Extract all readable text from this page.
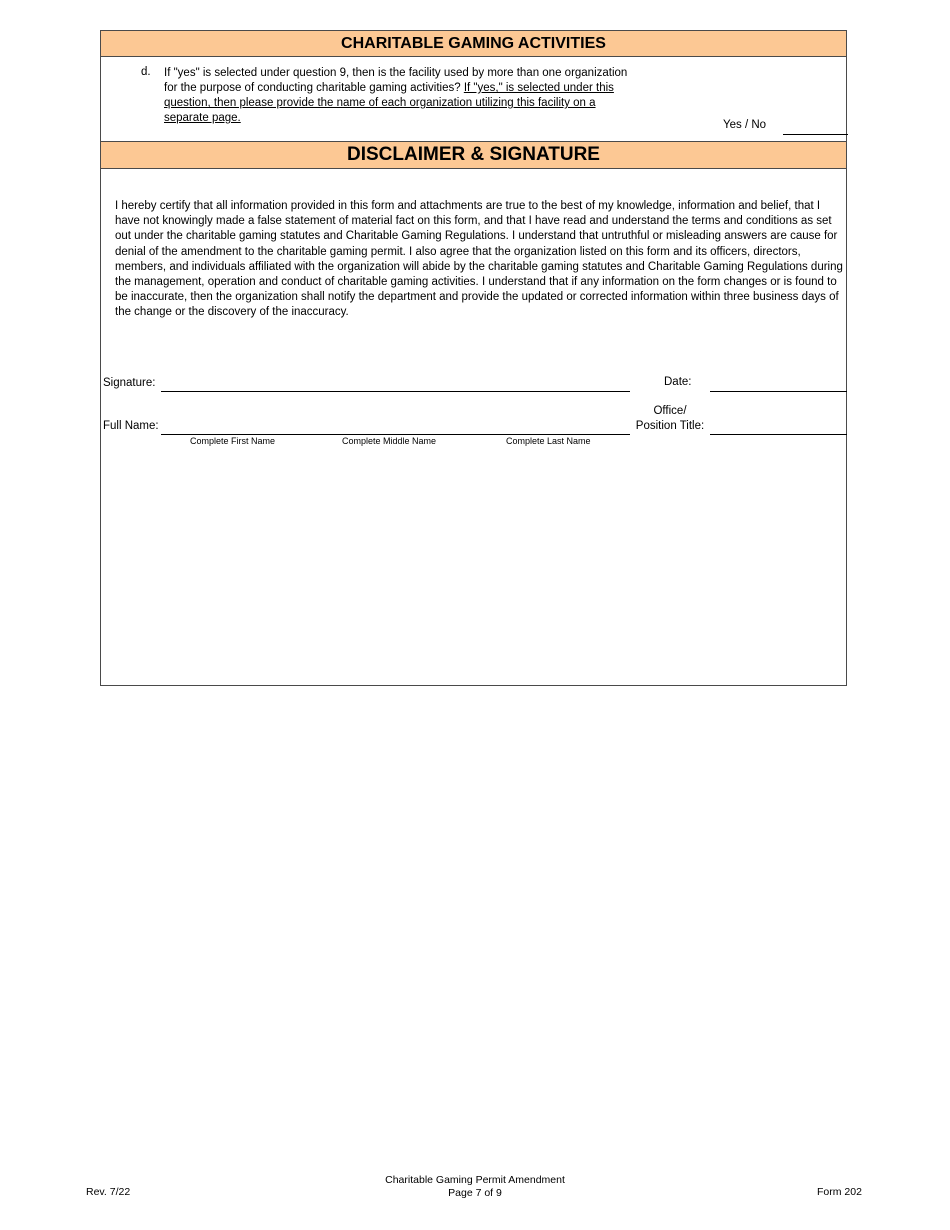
CHARITABLE GAMING ACTIVITIES
d. If "yes" is selected under question 9, then is the facility used by more than one organization for the purpose of conducting charitable gaming activities? If "yes," is selected under this question, then please provide the name of each organization utilizing this facility on a separate page.
Yes / No
DISCLAIMER & SIGNATURE
I hereby certify that all information provided in this form and attachments are true to the best of my knowledge, information and belief, that I have not knowingly made a false statement of material fact on this form, and that I have read and understand the terms and conditions as set out under the charitable gaming statutes and Charitable Gaming Regulations. I understand that untruthful or misleading answers are cause for denial of the amendment to the charitable gaming permit. I also agree that the organization listed on this form and its officers, directors, members, and individuals affiliated with the organization will abide by the charitable gaming statutes and Charitable Gaming Regulations during the management, operation and conduct of charitable gaming activities. I understand that if any information on the form changes or is found to be inaccurate, then the organization shall notify the department and provide the updated or corrected information within three business days of the change or the discovery of the inaccuracy.
Signature:	Date:
Full Name:
Office/
Position Title:
Complete First Name	Complete Middle Name	Complete Last Name
Rev. 7/22
Charitable Gaming Permit Amendment
Page 7 of 9	Form 202
